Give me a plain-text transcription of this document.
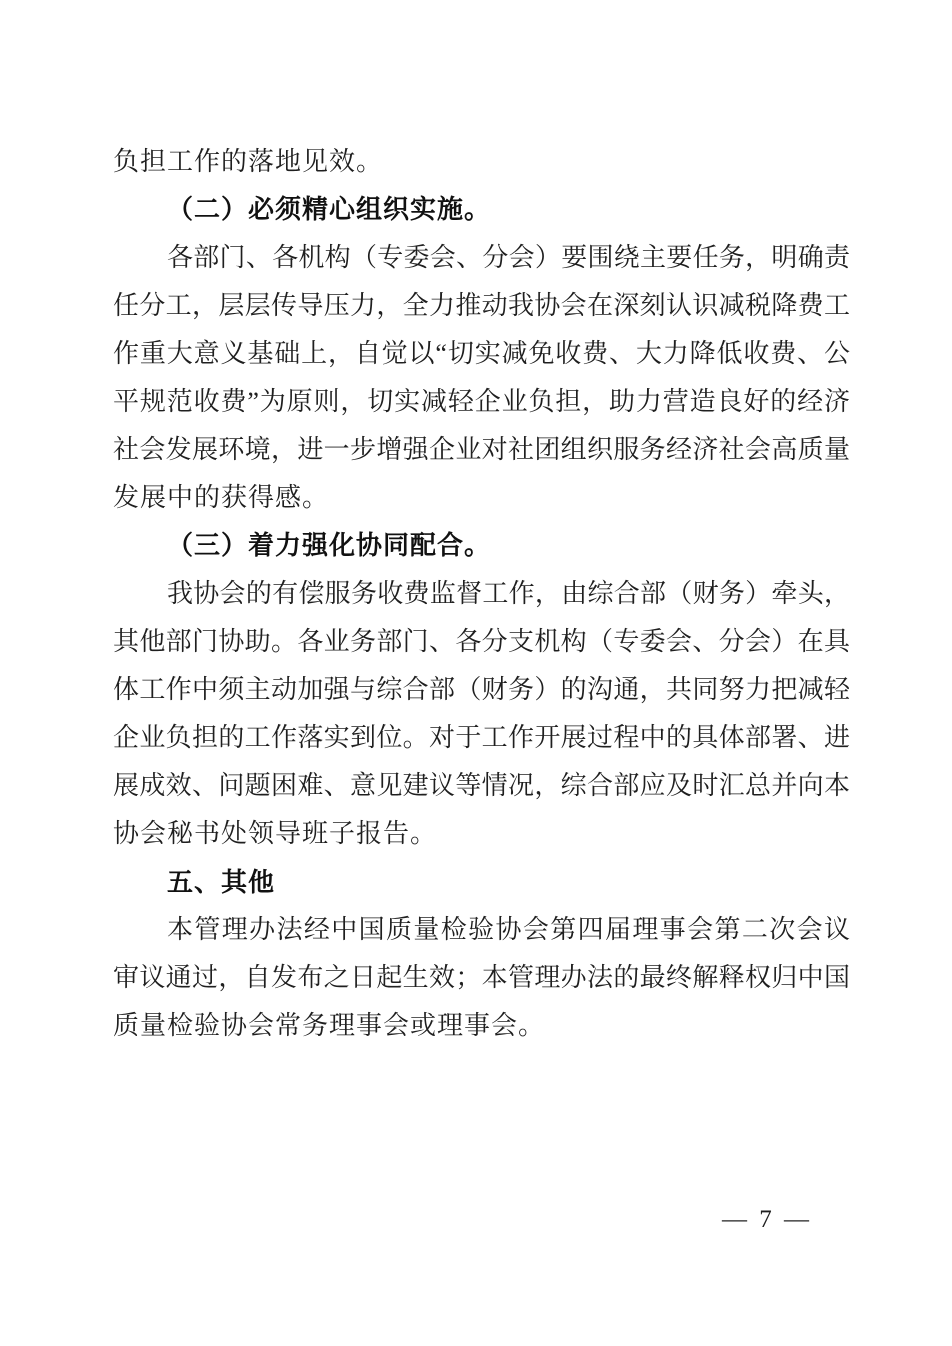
负担工作的落地见效。
（二）必须精心组织实施。
各部门、各机构（专委会、分会）要围绕主要任务，明确责
任分工，层层传导压力，全力推动我协会在深刻认识减税降费工
作重大意义基础上，自觉以“切实减免收费、大力降低收费、公
平规范收费”为原则，切实减轻企业负担，助力营造良好的经济
社会发展环境，进一步增强企业对社团组织服务经济社会高质量
发展中的获得感。
（三）着力强化协同配合。
我协会的有偿服务收费监督工作，由综合部（财务）牵头，
其他部门协助。各业务部门、各分支机构（专委会、分会）在具
体工作中须主动加强与综合部（财务）的沟通，共同努力把减轻
企业负担的工作落实到位。对于工作开展过程中的具体部署、进
展成效、问题困难、意见建议等情况，综合部应及时汇总并向本
协会秘书处领导班子报告。
五、其他
本管理办法经中国质量检验协会第四届理事会第二次会议
审议通过，自发布之日起生效；本管理办法的最终解释权归中国
质量检验协会常务理事会或理事会。
— 7 —
